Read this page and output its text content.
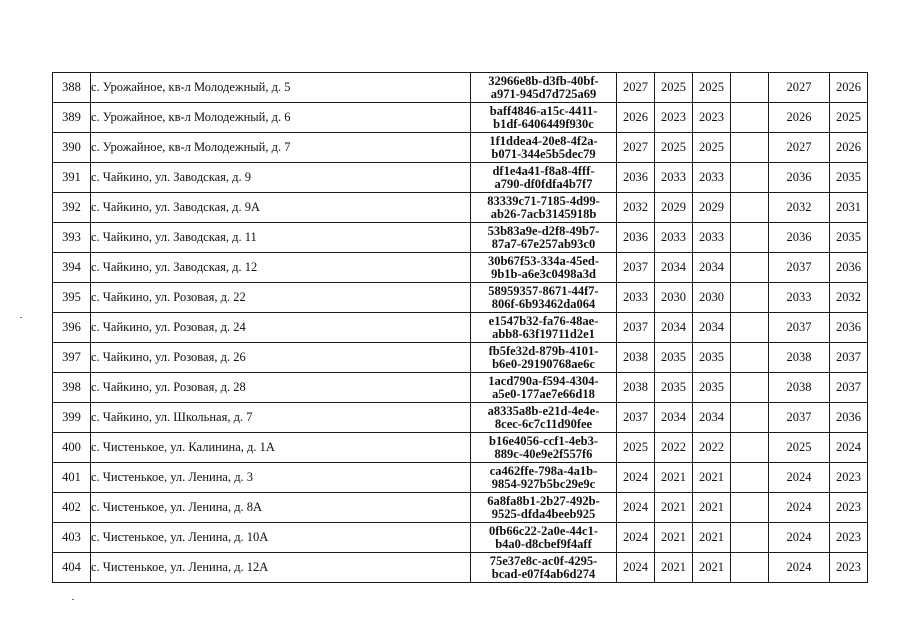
388	с. Урожайное, кв-л Молодежный, д. 5	32966e8b-d3fb-40bf-
a971-945d7d725a69	2027	2025	2025		2027	2026
389	с. Урожайное, кв-л Молодежный, д. 6	baff4846-a15c-4411-
b1df-6406449f930c	2026	2023	2023		2026	2025
390	с. Урожайное, кв-л Молодежный, д. 7	1f1ddea4-20e8-4f2a-
b071-344e5b5dec79	2027	2025	2025		2027	2026
391	с. Чайкино, ул. Заводская, д. 9	df1e4a41-f8a8-4fff-
a790-df0fdfa4b7f7	2036	2033	2033		2036	2035
392	с. Чайкино, ул. Заводская, д. 9А	83339c71-7185-4d99-
ab26-7acb3145918b	2032	2029	2029		2032	2031
393	с. Чайкино, ул. Заводская, д. 11	53b83a9e-d2f8-49b7-
87a7-67e257ab93c0	2036	2033	2033		2036	2035
394	с. Чайкино, ул. Заводская, д. 12	30b67f53-334a-45ed-
9b1b-a6e3c0498a3d	2037	2034	2034		2037	2036
395	с. Чайкино, ул. Розовая, д. 22	58959357-8671-44f7-
806f-6b93462da064	2033	2030	2030		2033	2032
396	с. Чайкино, ул. Розовая, д. 24	e1547b32-fa76-48ae-
abb8-63f19711d2e1	2037	2034	2034		2037	2036
397	с. Чайкино, ул. Розовая, д. 26	fb5fe32d-879b-4101-
b6e0-29190768ae6c	2038	2035	2035		2038	2037
398	с. Чайкино, ул. Розовая, д. 28	1acd790a-f594-4304-
a5e0-177ae7e66d18	2038	2035	2035		2038	2037
399	с. Чайкино, ул. Школьная, д. 7	a8335a8b-e21d-4e4e-
8cec-6c7c11d90fee	2037	2034	2034		2037	2036
400	с. Чистенькое, ул. Калинина, д. 1А	b16e4056-ccf1-4eb3-
889c-40e9e2f557f6	2025	2022	2022		2025	2024
401	с. Чистенькое, ул. Ленина, д. 3	ca462ffe-798a-4a1b-
9854-927b5bc29e9c	2024	2021	2021		2024	2023
402	с. Чистенькое, ул. Ленина, д. 8А	6a8fa8b1-2b27-492b-
9525-dfda4beeb925	2024	2021	2021		2024	2023
403	с. Чистенькое, ул. Ленина, д. 10А	0fb66c22-2a0e-44c1-
b4a0-d8cbef9f4aff	2024	2021	2021		2024	2023
404	с. Чистенькое, ул. Ленина, д. 12А	75e37e8c-ac0f-4295-
bcad-e07f4ab6d274	2024	2021	2021		2024	2023
